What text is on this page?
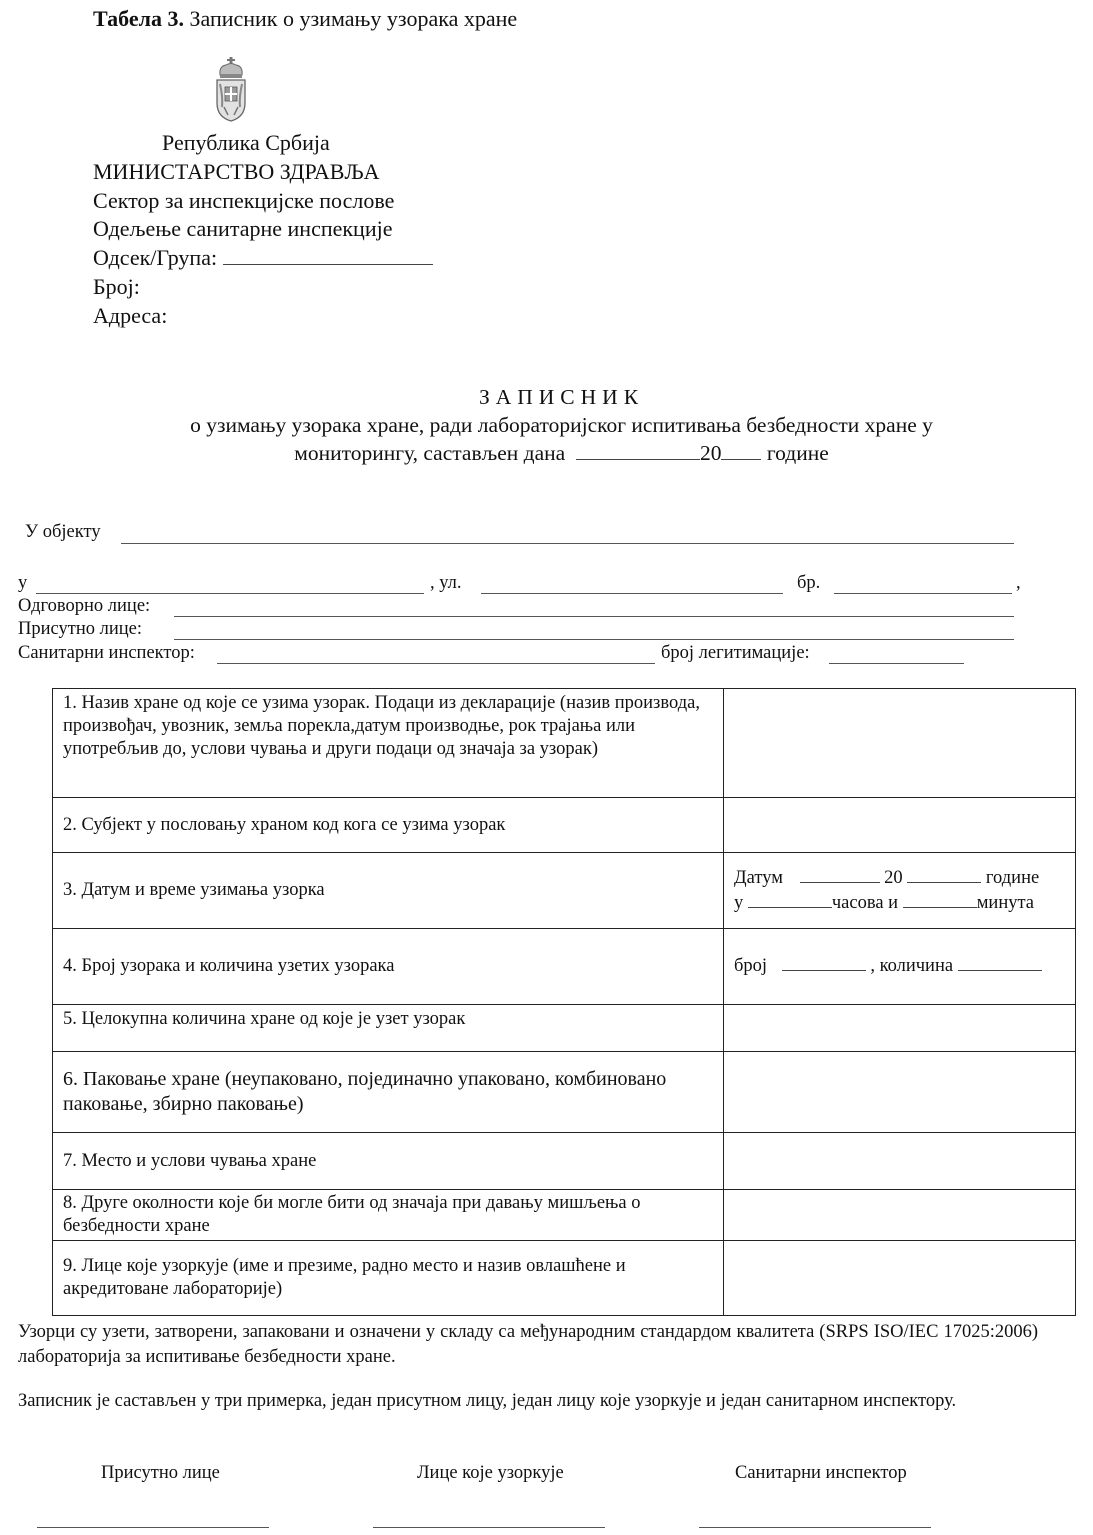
Табела 3. Записник о узимању узорака хране
Република Србија
МИНИСТАРСТВО ЗДРАВЉА
Сектор за инспекцијске послове
Одељење санитарне инспекције
Одсек/Група:
Број:
Адреса:
ЗАПИСНИК
о узимању узорака хране, ради лабораторијског испитивања безбедности хране у
мониторингу, састављен дана	20 године
У објекту
у	, ул.	бр.	,
Одговорно лице:
Присутно лице:
Санитарни инспектор:	број легитимације:
1. Назив хране од које се узима узорак. Подаци из декларације (назив производа, произвођач, увозник, земља порекла,датум производње, рок трајања или употребљив до, услови чувања и други подаци од значаја за узорак)	
2. Субјект у пословању храном код кога се узима узорак	
3. Датум и време узимања узорка	Датум 20 године
у часова и минута

4. Број узорака и количина узетих узорака	број , количина

5. Целокупна количина хране од које је узет узорак	
6. Паковање хране (неупаковано, појединачно упаковано, комбиновано паковање, збирно паковање)	
7. Место и услови чувања хране	
8. Друге околности које би могле бити од значаја при давању мишљења о безбедности хране	
9. Лице које узоркује (име и презиме, радно место и назив овлашћене и акредитоване лабораторије)	
Узорци су узети, затворени, запаковани и означени у складу са међународним стандардом квалитета (SRPS ISO/IEC 17025:2006) лабораторија за испитивање безбедности хране.
Записник је састављен у три примерка, један присутном лицу, један лицу које узоркује и један санитарном инспектору.
Присутно лице	Лице које узоркује	Санитарни инспектор
